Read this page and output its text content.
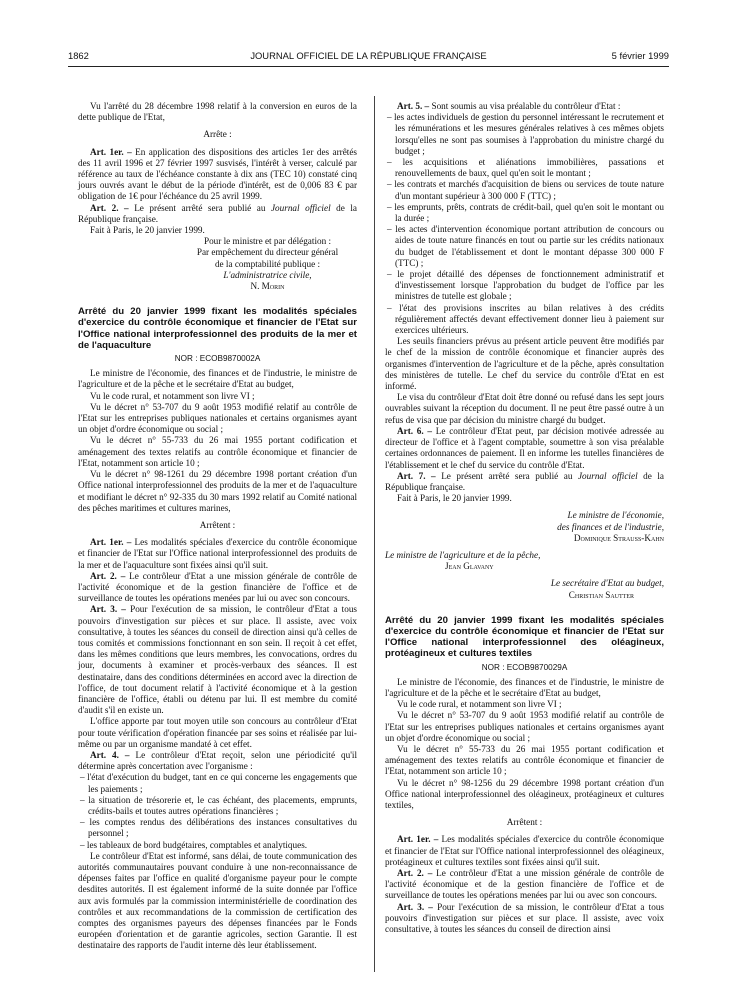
1862	JOURNAL OFFICIEL DE LA RÉPUBLIQUE FRANÇAISE	5 février 1999

Vu l'arrêté du 28 décembre 1998 relatif à la conversion en euros de la dette publique de l'Etat,

Arrête :

Art. 1er. – En application des dispositions des articles 1er des arrêtés des 11 avril 1996 et 27 février 1997 susvisés, l'intérêt à verser, calculé par référence au taux de l'échéance constante à dix ans (TEC 10) constaté cinq jours ouvrés avant le début de la période d'intérêt, est de 0,006 83 € par obligation de 1€ pour l'échéance du 25 avril 1999.

Art. 2. – Le présent arrêté sera publié au Journal officiel de la République française.

Fait à Paris, le 20 janvier 1999.

Pour le ministre et par délégation :
Par empêchement du directeur général
de la comptabilité publique :
L'administratrice civile,
N. Morin

Arrêté du 20 janvier 1999 fixant les modalités spéciales d'exercice du contrôle économique et financier de l'Etat sur l'Office national interprofessionnel des produits de la mer et de l'aquaculture

NOR : ECOB9870002A

Le ministre de l'économie, des finances et de l'industrie, le ministre de l'agriculture et de la pêche et le secrétaire d'Etat au budget,

Vu le code rural, et notamment son livre VI ;

Vu le décret n° 53-707 du 9 août 1953 modifié relatif au contrôle de l'Etat sur les entreprises publiques nationales et certains organismes ayant un objet d'ordre économique ou social ;

Vu le décret n° 55-733 du 26 mai 1955 portant codification et aménagement des textes relatifs au contrôle économique et financier de l'Etat, notamment son article 10 ;

Vu le décret n° 98-1261 du 29 décembre 1998 portant création d'un Office national interprofessionnel des produits de la mer et de l'aquaculture et modifiant le décret n° 92-335 du 30 mars 1992 relatif au Comité national des pêches maritimes et cultures marines,

Arrêtent :

Art. 1er. – Les modalités spéciales d'exercice du contrôle économique et financier de l'Etat sur l'Office national interprofessionnel des produits de la mer et de l'aquaculture sont fixées ainsi qu'il suit.

Art. 2. – Le contrôleur d'Etat a une mission générale de contrôle de l'activité économique et de la gestion financière de l'office et de surveillance de toutes les opérations menées par lui ou avec son concours.

Art. 3. – Pour l'exécution de sa mission, le contrôleur d'Etat a tous pouvoirs d'investigation sur pièces et sur place. Il assiste, avec voix consultative, à toutes les séances du conseil de direction ainsi qu'à celles de tous comités et commissions fonctionnant en son sein. Il reçoit à cet effet, dans les mêmes conditions que leurs membres, les convocations, ordres du jour, documents à examiner et procès-verbaux des séances. Il est destinataire, dans des conditions déterminées en accord avec la direction de l'office, de tout document relatif à l'activité économique et à la gestion financière de l'office, établi ou détenu par lui. Il est membre du comité d'audit s'il en existe un.

L'office apporte par tout moyen utile son concours au contrôleur d'Etat pour toute vérification d'opération financée par ses soins et réalisée par lui-même ou par un organisme mandaté à cet effet.

Art. 4. – Le contrôleur d'Etat reçoit, selon une périodicité qu'il détermine après concertation avec l'organisme :

– l'état d'exécution du budget, tant en ce qui concerne les engagements que les paiements ;

– la situation de trésorerie et, le cas échéant, des placements, emprunts, crédits-bails et toutes autres opérations financières ;

– les comptes rendus des délibérations des instances consultatives du personnel ;

– les tableaux de bord budgétaires, comptables et analytiques.

Le contrôleur d'Etat est informé, sans délai, de toute communication des autorités communautaires pouvant conduire à une non-reconnaissance de dépenses faites par l'office en qualité d'organisme payeur pour le compte desdites autorités. Il est également informé de la suite donnée par l'office aux avis formulés par la commission interministérielle de coordination des contrôles et aux recommandations de la commission de certification des comptes des organismes payeurs des dépenses financées par le Fonds européen d'orientation et de garantie agricoles, section Garantie. Il est destinataire des rapports de l'audit interne dès leur établissement.

Art. 5. – Sont soumis au visa préalable du contrôleur d'Etat :

– les actes individuels de gestion du personnel intéressant le recrutement et les rémunérations et les mesures générales relatives à ces mêmes objets lorsqu'elles ne sont pas soumises à l'approbation du ministre chargé du budget ;

– les acquisitions et aliénations immobilières, passations et renouvellements de baux, quel qu'en soit le montant ;

– les contrats et marchés d'acquisition de biens ou services de toute nature d'un montant supérieur à 300 000 F (TTC) ;

– les emprunts, prêts, contrats de crédit-bail, quel qu'en soit le montant ou la durée ;

– les actes d'intervention économique portant attribution de concours ou aides de toute nature financés en tout ou partie sur les crédits nationaux du budget de l'établissement et dont le montant dépasse 300 000 F (TTC) ;

– le projet détaillé des dépenses de fonctionnement administratif et d'investissement lorsque l'approbation du budget de l'office par les ministres de tutelle est globale ;

– l'état des provisions inscrites au bilan relatives à des crédits régulièrement affectés devant effectivement donner lieu à paiement sur exercices ultérieurs.

Les seuils financiers prévus au présent article peuvent être modifiés par le chef de la mission de contrôle économique et financier auprès des organismes d'intervention de l'agriculture et de la pêche, après consultation des ministères de tutelle. Le chef du service du contrôle d'Etat en est informé.

Le visa du contrôleur d'Etat doit être donné ou refusé dans les sept jours ouvrables suivant la réception du document. Il ne peut être passé outre à un refus de visa que par décision du ministre chargé du budget.

Art. 6. – Le contrôleur d'Etat peut, par décision motivée adressée au directeur de l'office et à l'agent comptable, soumettre à son visa préalable certaines ordonnances de paiement. Il en informe les tutelles financières de l'établissement et le chef du service du contrôle d'Etat.

Art. 7. – Le présent arrêté sera publié au Journal officiel de la République française.

Fait à Paris, le 20 janvier 1999.

Le ministre de l'économie,

des finances et de l'industrie,

Dominique Strauss-Kahn

Le ministre de l'agriculture et de la pêche,

Jean Glavany

Le secrétaire d'Etat au budget,

Christian Sautter

Arrêté du 20 janvier 1999 fixant les modalités spéciales d'exercice du contrôle économique et financier de l'Etat sur l'Office national interprofessionnel des oléagineux, protéagineux et cultures textiles

NOR : ECOB9870029A

Le ministre de l'économie, des finances et de l'industrie, le ministre de l'agriculture et de la pêche et le secrétaire d'Etat au budget,

Vu le code rural, et notamment son livre VI ;

Vu le décret n° 53-707 du 9 août 1953 modifié relatif au contrôle de l'Etat sur les entreprises publiques nationales et certains organismes ayant un objet d'ordre économique ou social ;

Vu le décret n° 55-733 du 26 mai 1955 portant codification et aménagement des textes relatifs au contrôle économique et financier de l'Etat, notamment son article 10 ;

Vu le décret n° 98-1256 du 29 décembre 1998 portant création d'un Office national interprofessionnel des oléagineux, protéagineux et cultures textiles,

Arrêtent :

Art. 1er. – Les modalités spéciales d'exercice du contrôle économique et financier de l'Etat sur l'Office national interprofessionnel des oléagineux, protéagineux et cultures textiles sont fixées ainsi qu'il suit.

Art. 2. – Le contrôleur d'Etat a une mission générale de contrôle de l'activité économique et de la gestion financière de l'office et de surveillance de toutes les opérations menées par lui ou avec son concours.

Art. 3. – Pour l'exécution de sa mission, le contrôleur d'Etat a tous pouvoirs d'investigation sur pièces et sur place. Il assiste, avec voix consultative, à toutes les séances du conseil de direction ainsi
